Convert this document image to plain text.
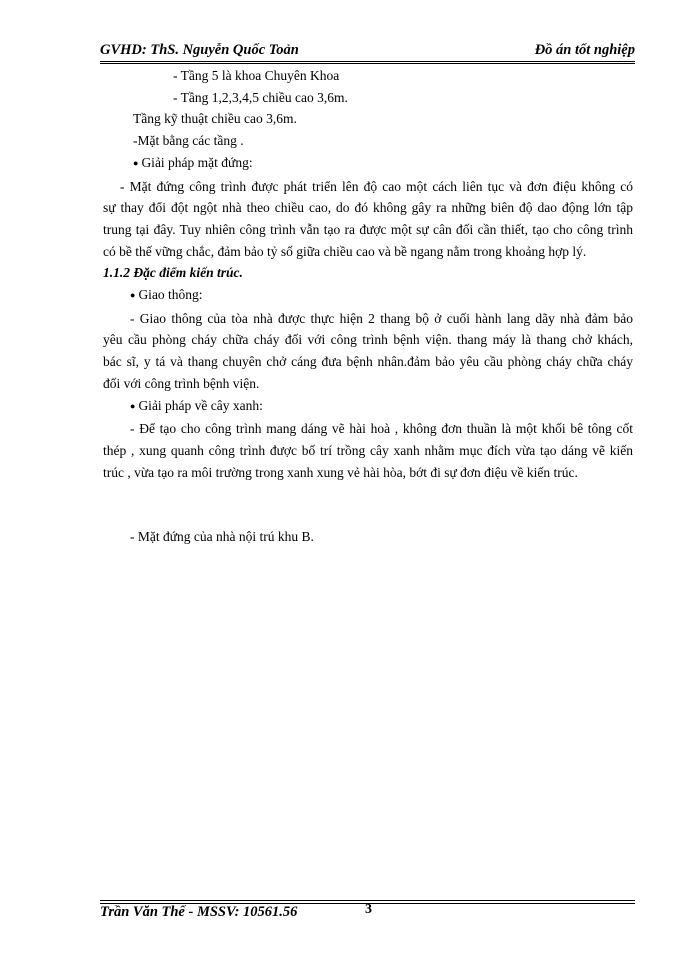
GVHD: ThS. Nguyễn Quốc Toản	Đồ án tốt nghiệp
- Tầng 5 là khoa Chuyên Khoa
- Tầng 1,2,3,4,5 chiều cao 3,6m.
Tầng kỹ thuật chiều cao 3,6m.
-Mặt bằng các tầng .
● Giải pháp mặt đứng:
- Mặt đứng công trình được phát triển lên độ cao một cách liên tục và đơn điệu không có
sự thay đổi đột ngột nhà theo chiều cao, do đó không gây ra những biên độ dao động lớn tập
trung tại đây. Tuy nhiên công trình vẫn tạo ra được một sự cân đối cần thiết, tạo cho công trình
có bề thế vững chắc, đảm bảo tỷ số giữa chiều cao và bề ngang nằm trong khoảng hợp lý.
1.1.2 Đặc điểm kiến trúc.
● Giao thông:
- Giao thông của tòa nhà được thực hiện 2 thang bộ ở cuối hành lang dãy nhà đảm bảo
yêu cầu phòng cháy chữa cháy đối với công trình bệnh viện. thang máy là thang chở khách,
bác sĩ, y tá và thang chuyên chở cáng đưa bệnh nhân.đảm bảo yêu cầu phòng cháy chữa cháy
đối với công trình bệnh viện.
● Giải pháp về cây xanh:
- Để tạo cho công trình mang dáng vẽ hài hoà , không đơn thuần là một khối bê tông cốt
thép , xung quanh công trình được bố trí trồng cây xanh nhằm mục đích vừa tạo dáng vẽ kiến
trúc , vừa tạo ra môi trường trong xanh xung vẻ hài hòa, bớt đi sự đơn điệu về kiến trúc.
- Mặt đứng của nhà nội trú khu B.
Trần Văn Thế - MSSV: 10561.56	3
